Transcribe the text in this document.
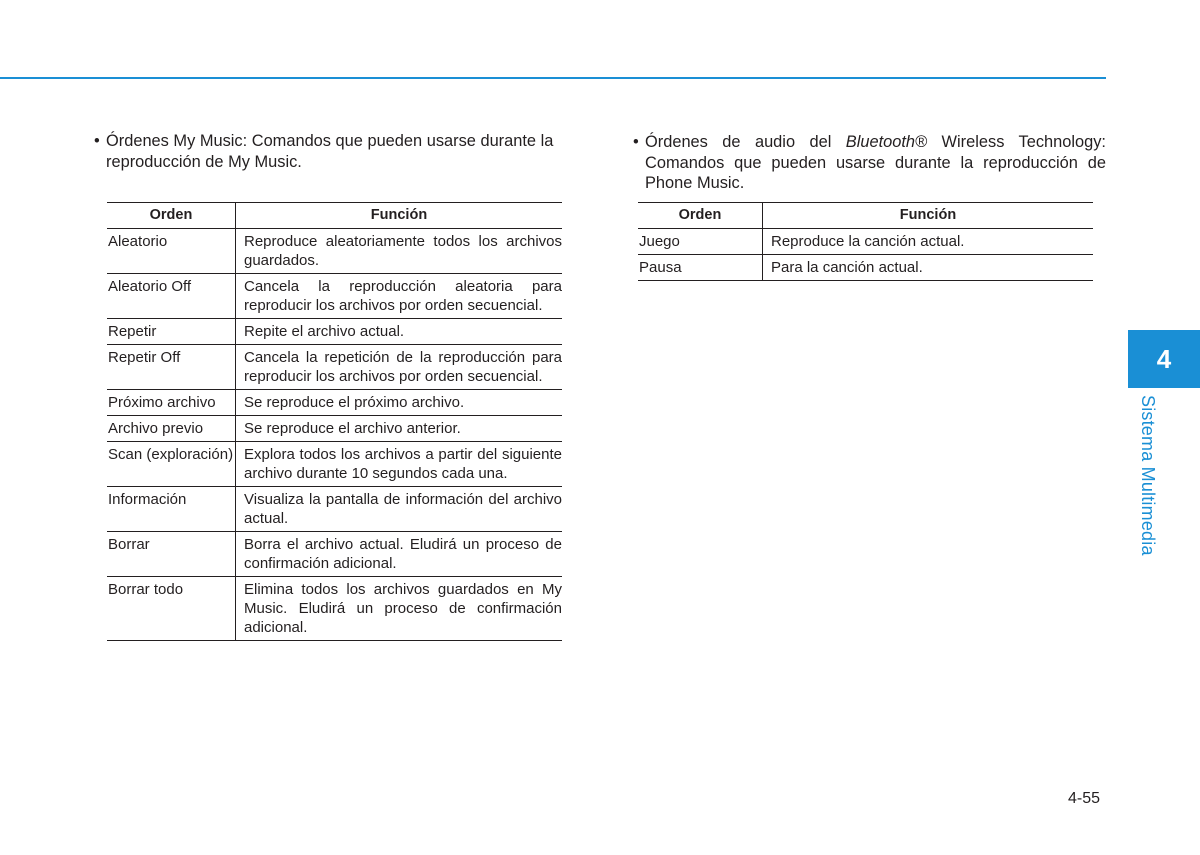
• Órdenes My Music: Comandos que pueden usarse durante la reproducción de My Music.
Orden	Función
Aleatorio	Reproduce aleatoriamente todos los archivos guardados.
Aleatorio Off	Cancela la reproducción aleatoria para reproducir los archivos por orden secuencial.
Repetir	Repite el archivo actual.
Repetir Off	Cancela la repetición de la reproducción para reproducir los archivos por orden secuencial.
Próximo archivo	Se reproduce el próximo archivo.
Archivo previo	Se reproduce el archivo anterior.
Scan (exploración)	Explora todos los archivos a partir del siguiente archivo durante 10 segundos cada una.
Información	Visualiza la pantalla de información del archivo actual.
Borrar	Borra el archivo actual. Eludirá un proceso de confirmación adicional.
Borrar todo	Elimina todos los archivos guardados en My Music. Eludirá un proceso de confirmación adicional.
• Órdenes de audio del Bluetooth® Wireless Technology: Comandos que pueden usarse durante la reproducción de Phone Music.
Orden	Función
Juego	Reproduce la canción actual.
Pausa	Para la canción actual.
4
Sistema Multimedia
4-55
